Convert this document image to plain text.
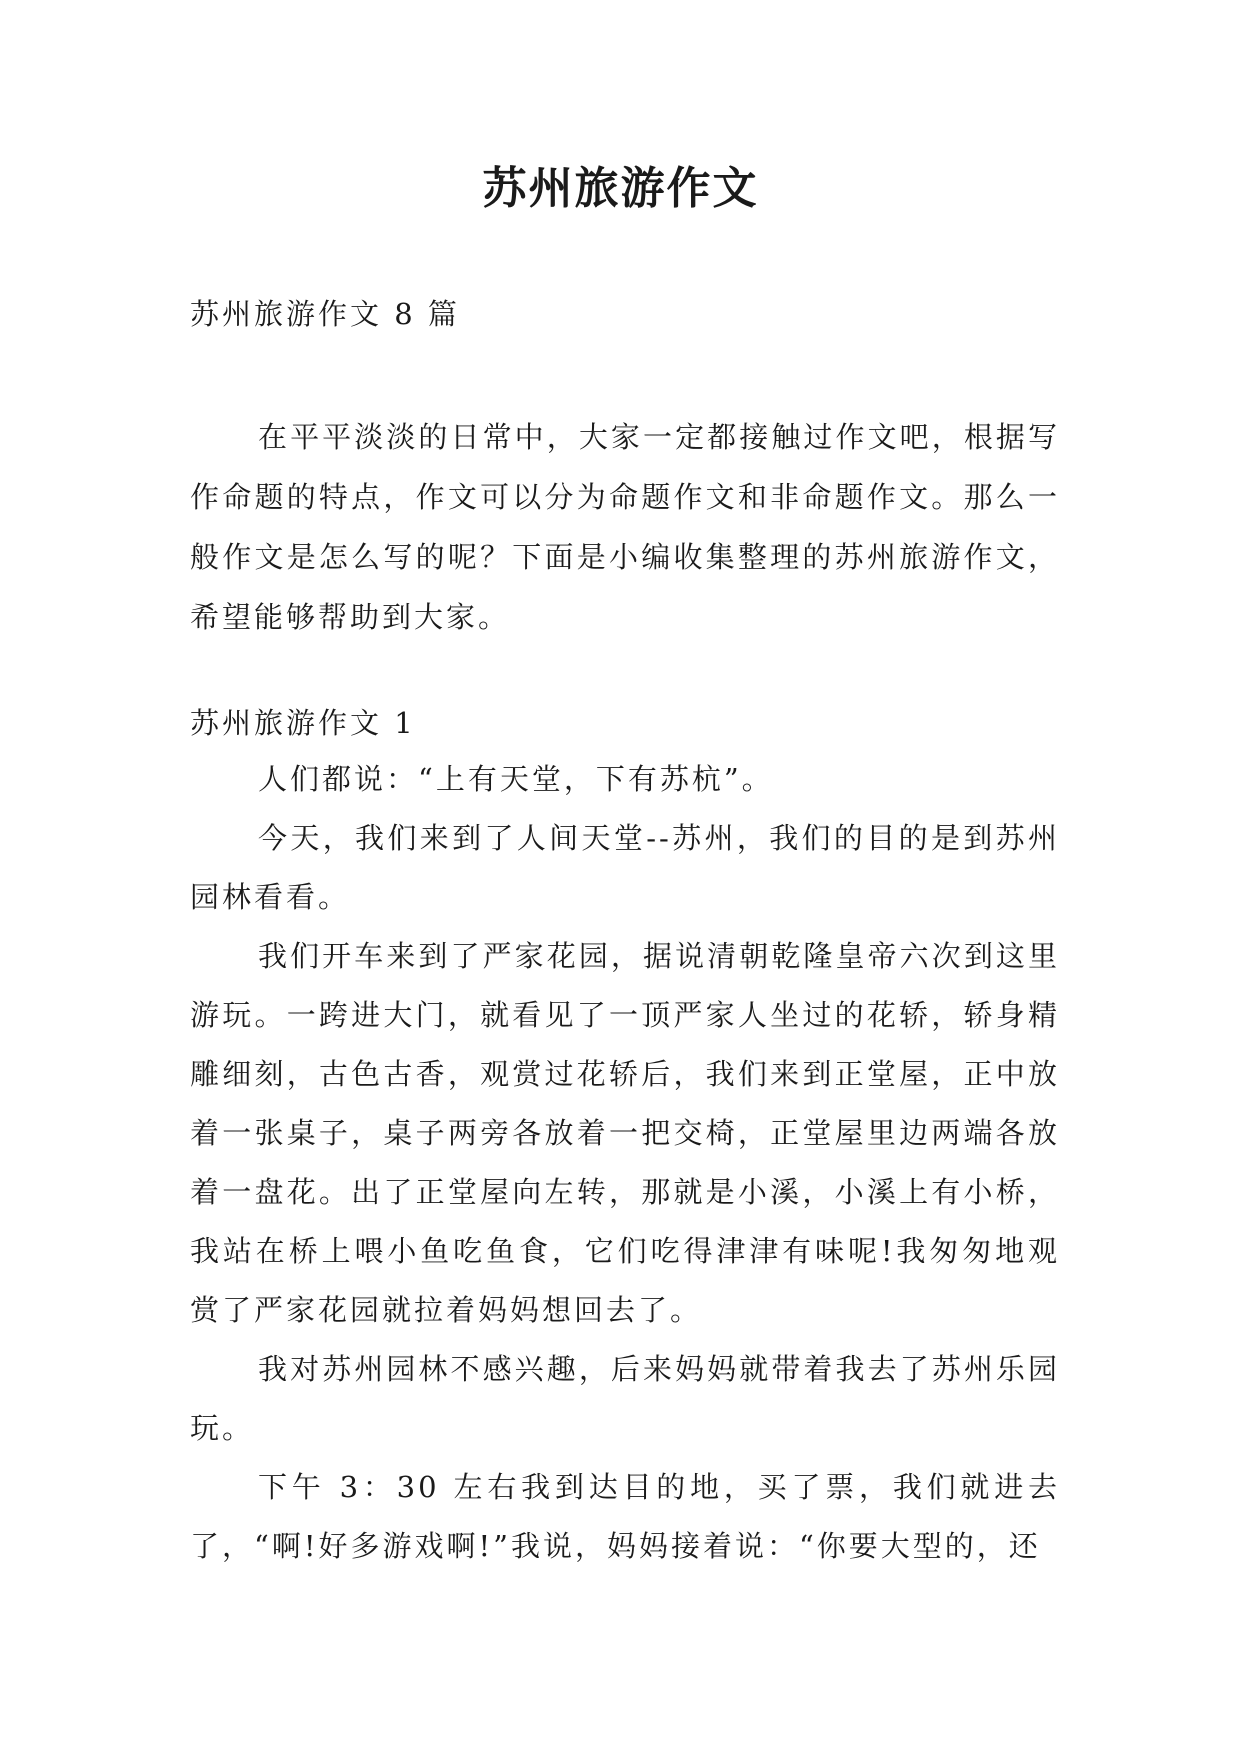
苏州旅游作文
苏州旅游作文 8 篇

在平平淡淡的日常中，大家一定都接触过作文吧，根据写作命题的特点，作文可以分为命题作文和非命题作文。那么一般作文是怎么写的呢？下面是小编收集整理的苏州旅游作文，希望能够帮助到大家。

苏州旅游作文 1

人们都说：“上有天堂，下有苏杭”。

今天，我们来到了人间天堂--苏州，我们的目的是到苏州园林看看。

我们开车来到了严家花园，据说清朝乾隆皇帝六次到这里游玩。一跨进大门，就看见了一顶严家人坐过的花轿，轿身精雕细刻，古色古香，观赏过花轿后，我们来到正堂屋，正中放着一张桌子，桌子两旁各放着一把交椅，正堂屋里边两端各放着一盘花。出了正堂屋向左转，那就是小溪，小溪上有小桥，我站在桥上喂小鱼吃鱼食，它们吃得津津有味呢!我匆匆地观赏了严家花园就拉着妈妈想回去了。

我对苏州园林不感兴趣，后来妈妈就带着我去了苏州乐园玩。

下午 3：30 左右我到达目的地，买了票，我们就进去了，“啊!好多游戏啊!”我说，妈妈接着说：“你要大型的，还
